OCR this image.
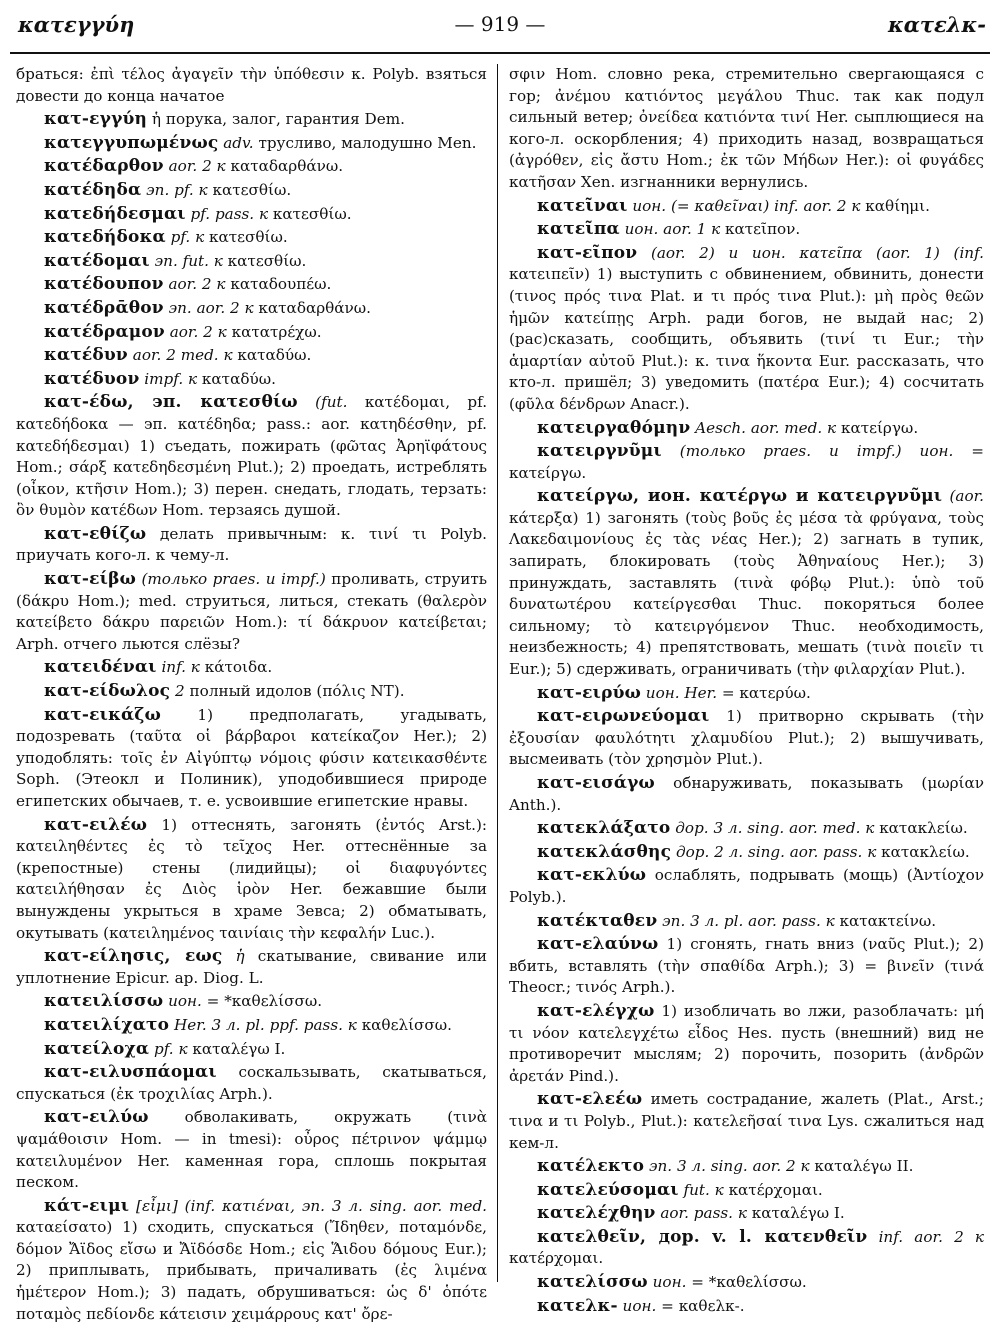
κατεγγύη	— 919 —	κατελκ-

браться: ἐπὶ τέλος ἀγαγεῖν τὴν ὑπόθεσιν κ. Polyb. взяться довести до конца начатое

κατ-εγγύη ἡ порука, залог, гарантия Dem.

κατεγγυπωμένως adv. трусливо, малодушно Men.

κατέδαρθον aor. 2 к καταδαρθάνω.

κατέδηδα эп. pf. к κατεσθίω.

κατεδήδεσμαι pf. pass. к κατεσθίω.

κατεδήδοκα pf. к κατεσθίω.

κατέδομαι эп. fut. к κατεσθίω.

κατέδουπον aor. 2 к καταδουπέω.

κατέδρᾱθον эп. aor. 2 к καταδαρθάνω.

κατέδραμον aor. 2 к κατατρέχω.

κατέδυν aor. 2 med. к καταδύω.

κατέδυον impf. к καταδύω.

κατ-έδω, эп. κατεσθίω (fut. κατέδομαι, pf. κατεδήδοκα — эп. κατέδηδα; pass.: aor. κατηδέσθην, pf. κατεδήδεσμαι) 1) съедать, пожирать (φῶτας Ἀρηϊφάτους Hom.; σάρξ κατεδηδεσμένη Plut.); 2) проедать, истреблять (οἶκον, κτῆσιν Hom.); 3) перен. снедать, глодать, терзать: ὃν θυμὸν κατέδων Hom. терзаясь душой.

κατ-εθίζω делать привычным: κ. τινί τι Polyb. приучать кого-л. к чему-л.

κατ-είβω (только praes. и impf.) проливать, струить (δάκρυ Hom.); med. струиться, литься, стекать (θαλερὸν κατείβετο δάκρυ παρειῶν Hom.): τί δάκρυον κατείβεται; Arph. отчего льются слёзы?

κατειδέναι inf. к κάτοιδα.

κατ-είδωλος 2 полный идолов (πόλις NT).

κατ-εικάζω 1) предполагать, угадывать, подозревать (ταῦτα οἱ βάρβαροι κατείκαζον Her.); 2) уподоблять: τοῖς ἐν Αἰγύπτῳ νόμοις φύσιν κατεικασθέντε Soph. (Этеокл и Полиник), уподобившиеся природе египетских обычаев, т. е. усвоившие египетские нравы.

κατ-ειλέω 1) оттеснять, загонять (ἐντός Arst.): κατειληθέντες ἐς τὸ τεῖχος Her. оттеснённые за (крепостные) стены (лидийцы); οἱ διαφυγόντες κατειλήθησαν ἐς Διὸς ἱρὸν Her. бежавшие были вынуждены укрыться в храме Зевса; 2) обматывать, окутывать (κατειλημένος ταινίαις τὴν κεφαλήν Luc.).

κατ-είλησις, εως ἡ скатывание, свивание или уплотнение Epicur. ap. Diog. L.

κατειλίσσω ион. = *καθελίσσω.

κατειλίχατο Her. 3 л. pl. ppf. pass. к καθελίσσω.

κατείλοχα pf. к καταλέγω I.

κατ-ειλυσπάομαι соскальзывать, скатываться, спускаться (ἐκ τροχιλίας Arph.).

κατ-ειλύω обволакивать, окружать (τινὰ ψαμάθοισιν Hom. — in tmesi): οὖρος πέτρινον ψάμμῳ κατειλυμένον Her. каменная гора, сплошь покрытая песком.

κάτ-ειμι [εἶμι] (inf. κατιέναι, эп. 3 л. sing. aor. med. καταείσατο) 1) сходить, спускаться (Ἴδηθεν, ποταμόνδε, δόμον Ἄϊδος εἴσω и Ἄϊδόσδε Hom.; εἰς Ἅιδου δόμους Eur.); 2) приплывать, прибывать, причаливать (ἐς λιμένα ἡμέτερον Hom.); 3) падать, обрушиваться: ὡς δ' ὁπότε ποταμὸς πεδίονδε κάτεισιν χειμάρρους κατ' ὄρε-

σφιν Hom. словно река, стремительно свергающаяся с гор; ἀνέμου κατιόντος μεγάλου Thuc. так как подул сильный ветер; ὀνείδεα κατιόντα τινί Her. сыплющиеся на кого-л. оскорбления; 4) приходить назад, возвращаться (ἀγρόθεν, εἰς ἄστυ Hom.; ἐκ τῶν Μήδων Her.): οἱ φυγάδες κατῆσαν Xen. изгнанники вернулись.

κατεῖναι ион. (= καθεῖναι) inf. aor. 2 к καθίημι.

κατεῖπα ион. aor. 1 к κατεῖπον.

κατ-εῖπον (aor. 2) и ион. κατεῖπα (aor. 1) (inf. κατειπεῖν) 1) выступить с обвинением, обвинить, донести (τινος πρός τινα Plat. и τι πρός τινα Plut.): μὴ πρὸς θεῶν ἡμῶν κατείπῃς Arph. ради богов, не выдай нас; 2) (рас)сказать, сообщить, объявить (τινί τι Eur.; τὴν ἁμαρτίαν αὐτοῦ Plut.): κ. τινα ἥκοντα Eur. рассказать, что кто-л. пришёл; 3) уведомить (πατέρα Eur.); 4) сосчитать (φῦλα δένδρων Anacr.).

κατειργαθόμην Aesch. aor. med. к κατείργω.

κατειργνῦμι (только praes. и impf.) ион. = κατείργω.

κατείργω, ион. κατέργω и κατειργνῦμι (aor. κάτερξα) 1) загонять (τοὺς βοῦς ἐς μέσα τὰ φρύγανα, τοὺς Λακεδαιμονίους ἐς τὰς νέας Her.); 2) загнать в тупик, запирать, блокировать (τοὺς Ἀθηναίους Her.); 3) принуждать, заставлять (τινὰ φόβῳ Plut.): ὑπὸ τοῦ δυνατωτέρου κατείργεσθαι Thuc. покоряться более сильному; τὸ κατειργόμενον Thuc. необходимость, неизбежность; 4) препятствовать, мешать (τινὰ ποιεῖν τι Eur.); 5) сдерживать, ограничивать (τὴν φιλαρχίαν Plut.).

κατ-ειρύω ион. Her. = κατερύω.

κατ-ειρωνεύομαι 1) притворно скрывать (τὴν ἐξουσίαν φαυλότητι χλαμυδίου Plut.); 2) вышучивать, высмеивать (τὸν χρησμὸν Plut.).

κατ-εισάγω обнаруживать, показывать (μωρίαν Anth.).

κατεκλάξατο дор. 3 л. sing. aor. med. к κατακλείω.

κατεκλάσθης дор. 2 л. sing. aor. pass. к κατακλείω.

κατ-εκλύω ослаблять, подрывать (мощь) (Ἀντίοχον Polyb.).

κατέκταθεν эп. 3 л. pl. aor. pass. к κατακτείνω.

κατ-ελαύνω 1) сгонять, гнать вниз (ναῦς Plut.); 2) вбить, вставлять (τὴν σπαθίδα Arph.); 3) = βινεῖν (τινά Theocr.; τινός Arph.).

κατ-ελέγχω 1) изобличать во лжи, разоблачать: μή τι νόον κατελεγχέτω εἶδος Hes. пусть (внешний) вид не противоречит мыслям; 2) порочить, позорить (ἀνδρῶν ἀρετάν Pind.).

κατ-ελεέω иметь сострадание, жалеть (Plat., Arst.; τινα и τι Polyb., Plut.): κατελεῆσαί τινα Lys. сжалиться над кем-л.

κατέλεκτο эп. 3 л. sing. aor. 2 к καταλέγω II.

κατελεύσομαι fut. к κατέρχομαι.

κατελέχθην aor. pass. к καταλέγω I.

κατελθεῖν, дор. v. l. κατενθεῖν inf. aor. 2 к κατέρχομαι.

κατελίσσω ион. = *καθελίσσω.

κατελκ- ион. = καθελκ-.
